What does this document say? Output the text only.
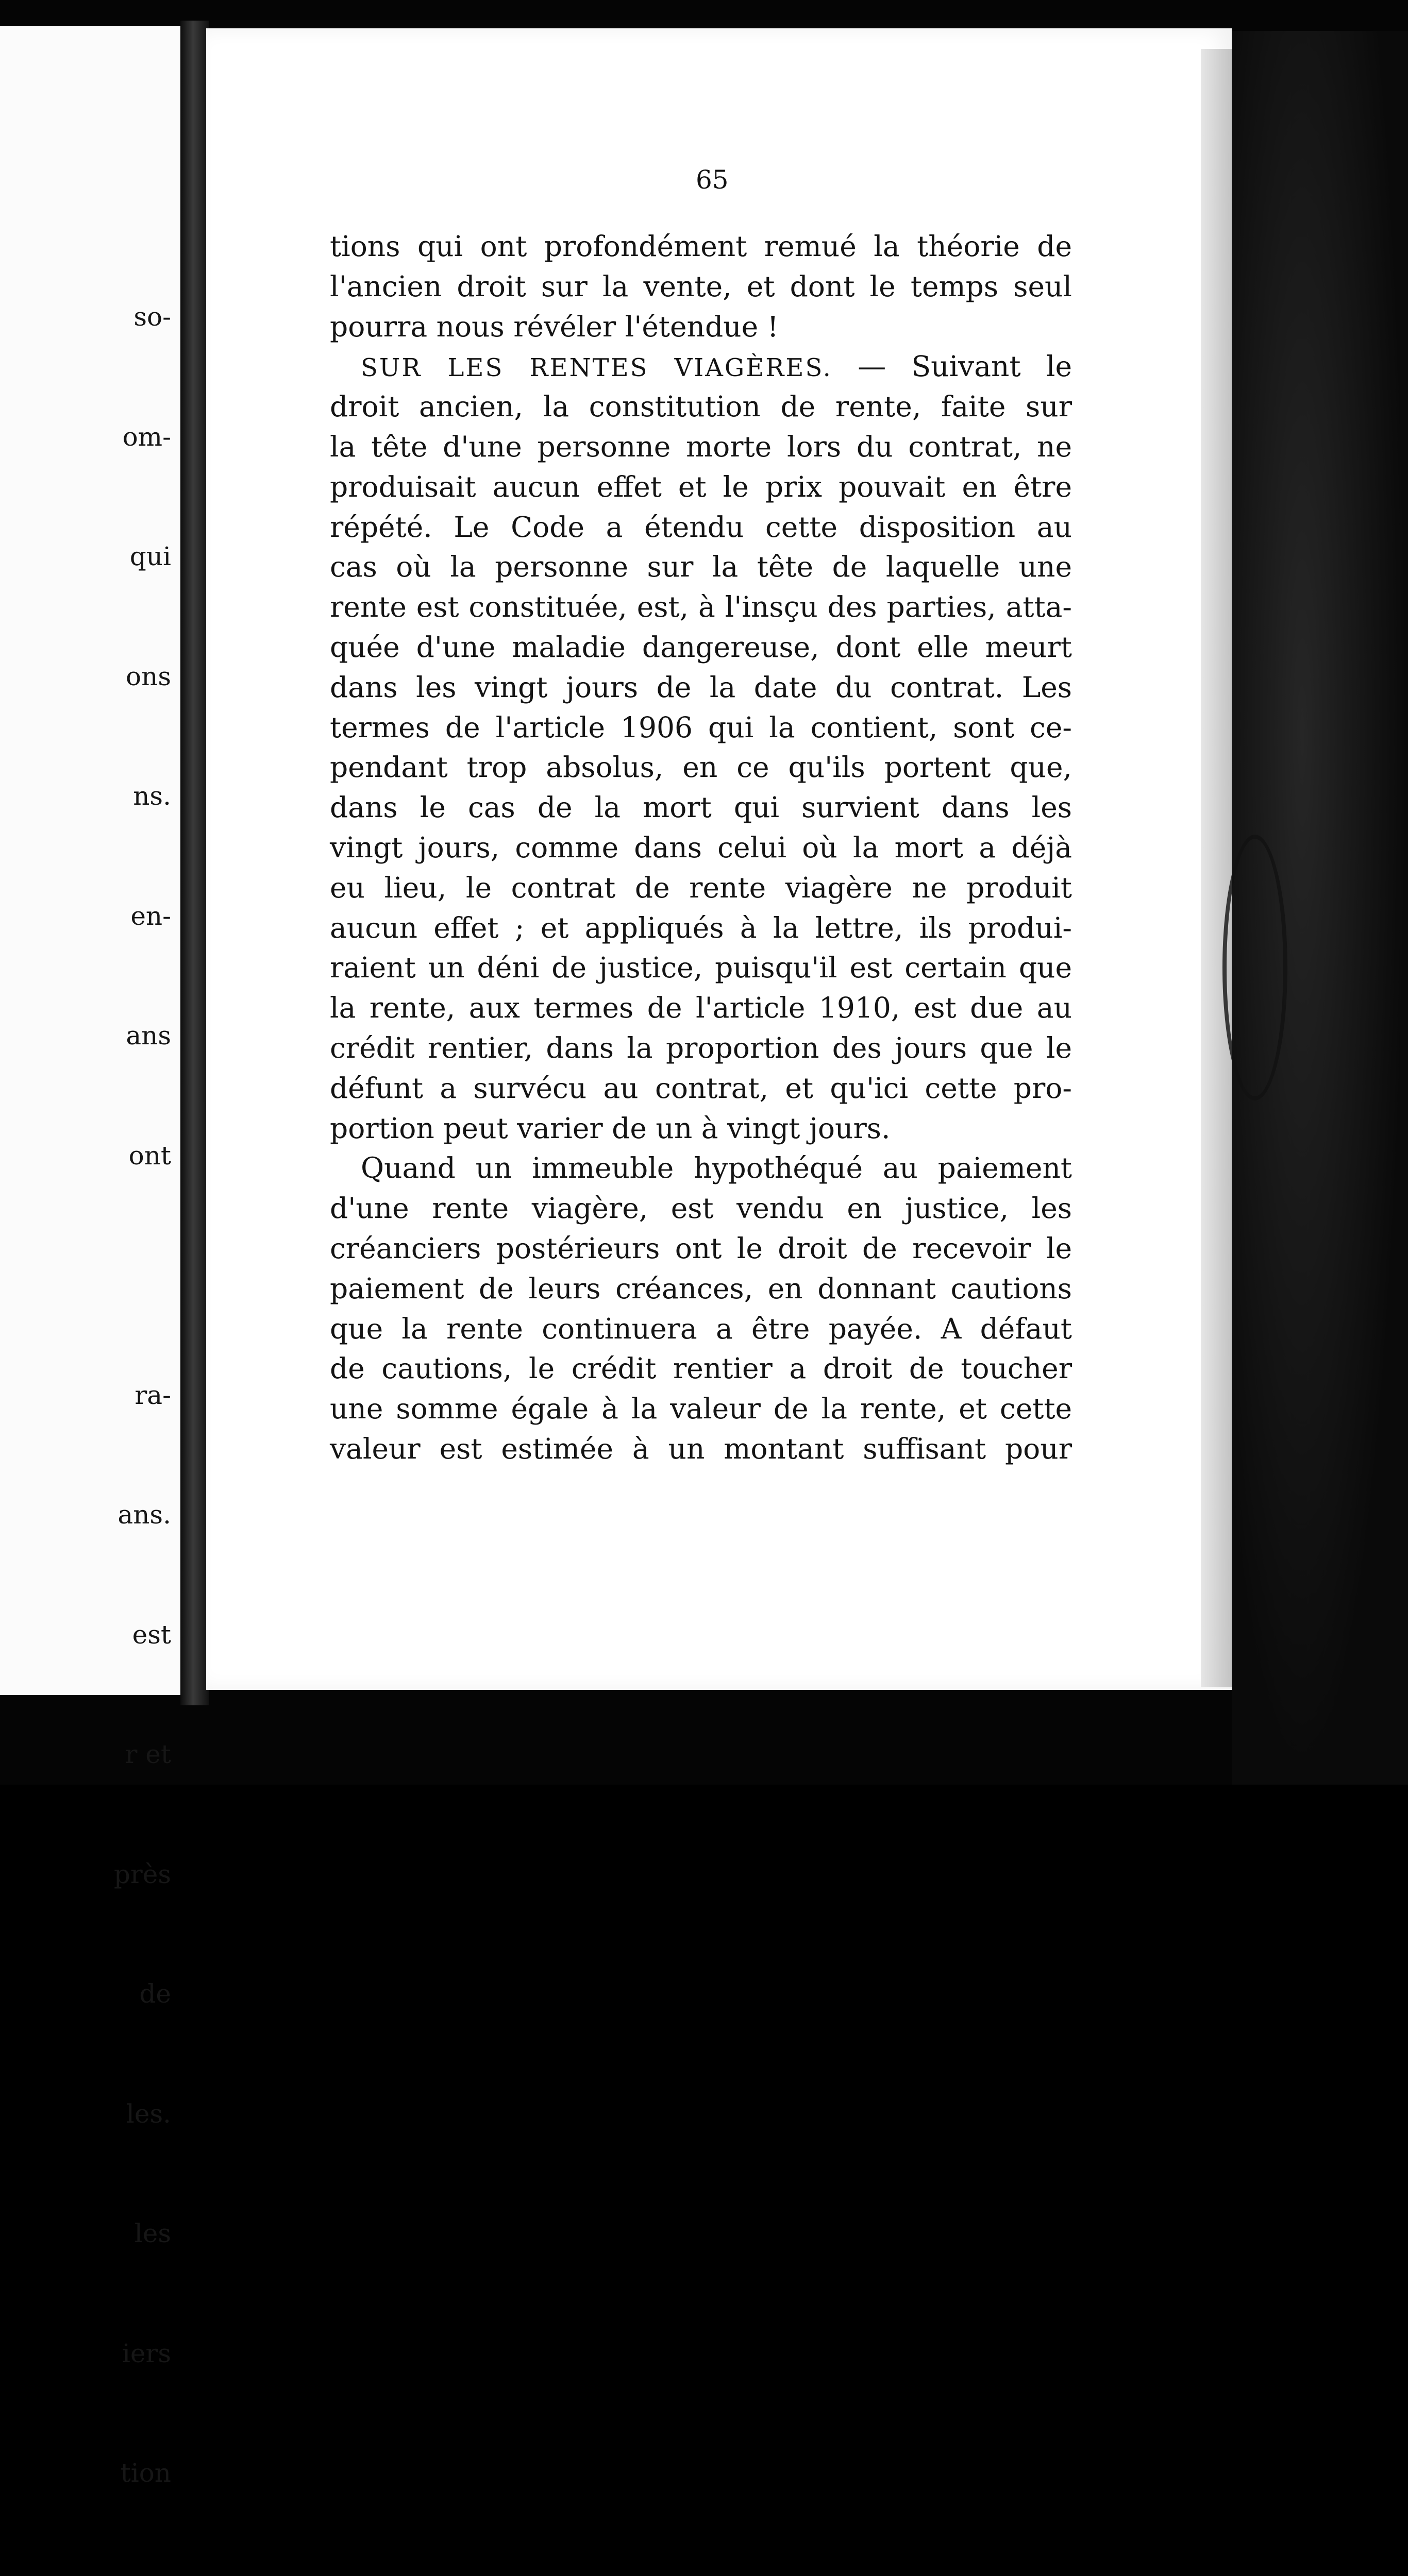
so-

om-

qui

ons

ns.

en-

ans

ont

ra-

ans.

est

r et

près

de

les.

les

iers

tion

65
tions qui ont profondément remué la théorie de
l'ancien droit sur la vente, et dont le temps seul
pourra nous révéler l'étendue !
SUR LES RENTES VIAGÈRES. — Suivant le
droit ancien, la constitution de rente, faite sur
la tête d'une personne morte lors du contrat, ne
produisait aucun effet et le prix pouvait en être
répété. Le Code a étendu cette disposition au
cas où la personne sur la tête de laquelle une
rente est constituée, est, à l'insçu des parties, atta-
quée d'une maladie dangereuse, dont elle meurt
dans les vingt jours de la date du contrat. Les
termes de l'article 1906 qui la contient, sont ce-
pendant trop absolus, en ce qu'ils portent que,
dans le cas de la mort qui survient dans les
vingt jours, comme dans celui où la mort a déjà
eu lieu, le contrat de rente viagère ne produit
aucun effet ; et appliqués à la lettre, ils produi-
raient un déni de justice, puisqu'il est certain que
la rente, aux termes de l'article 1910, est due au
crédit rentier, dans la proportion des jours que le
défunt a survécu au contrat, et qu'ici cette pro-
portion peut varier de un à vingt jours.
Quand un immeuble hypothéqué au paiement
d'une rente viagère, est vendu en justice, les
créanciers postérieurs ont le droit de recevoir le
paiement de leurs créances, en donnant cautions
que la rente continuera a être payée. A défaut
de cautions, le crédit rentier a droit de toucher
une somme égale à la valeur de la rente, et cette
valeur est estimée à un montant suffisant pour
